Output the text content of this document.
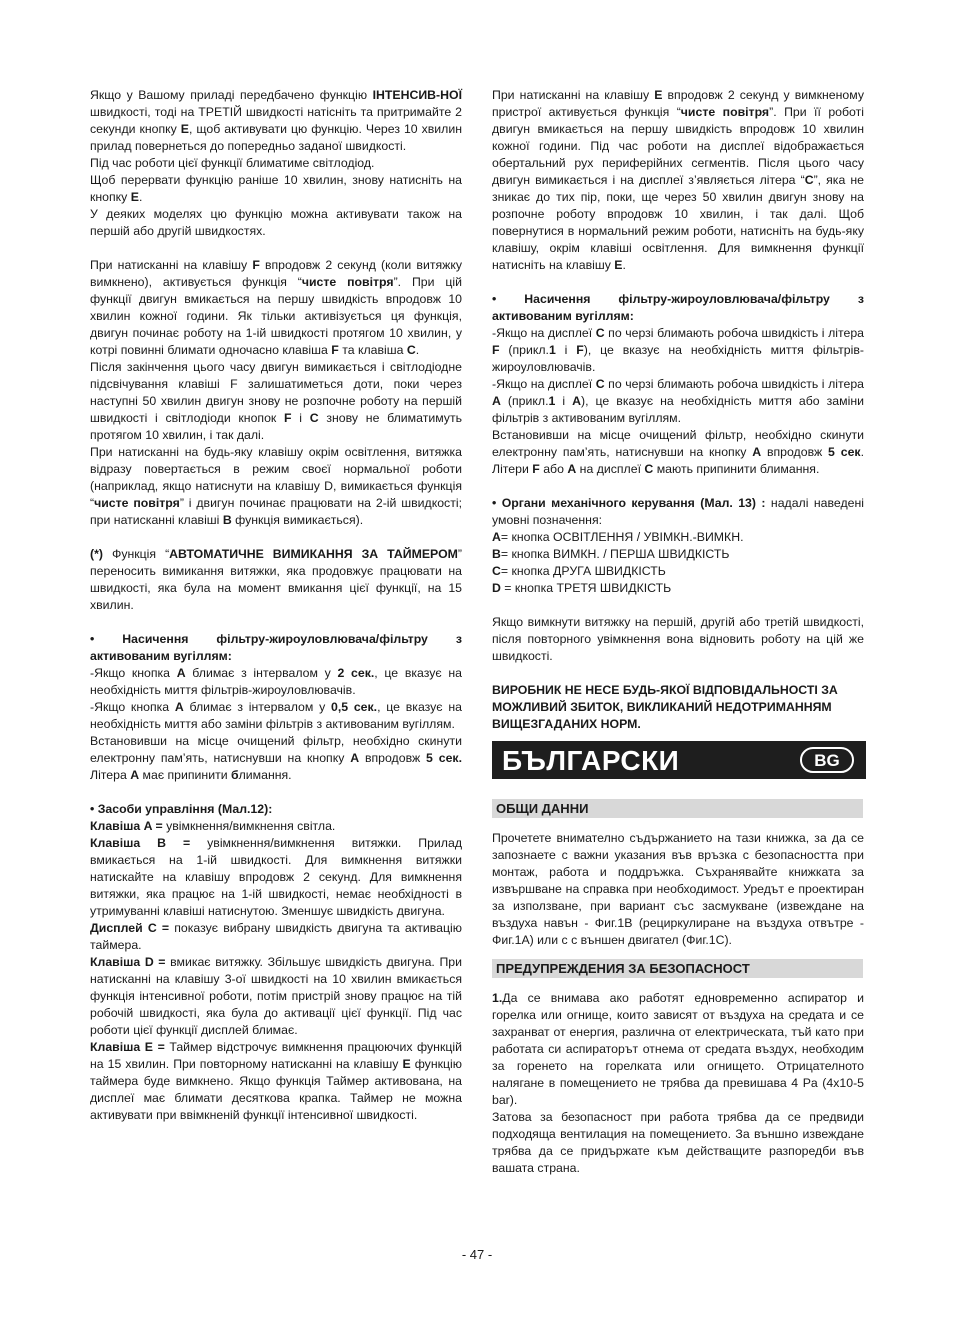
Якщо у Вашому приладі передбачено функцію ІНТЕНСИВ-НОЇ швидкості, тоді на ТРЕТІЙ швидкості натісніть та притримайте 2 секунди кнопку E, щоб активувати цю функцію. Через 10 хвилин прилад повернеться до попередньо заданої швидкості.

Під час роботи цієї функції блиматиме світлодіод.

Щоб перервати функцію раніше 10 хвилин, знову натисніть на кнопку E.

У деяких моделях цю функцію можна активувати також на першій або другій швидкостях.

При натисканні на клавішу F впродовж 2 секунд (коли витяжку вимкнено), активується функція “чисте повітря”. При цій функції двигун вмикається на першу швидкість впродовж 10 хвилин кожної години. Як тільки активізується ця функція, двигун починає роботу на 1-ій швидкості протягом 10 хвилин, у котрі повинні блимати одночасно клавіша F та клавіша C.

Після закінчення цього часу двигун вимикається і світлодіодне підсвічування клавіші F залишатиметься доти, поки через наступні 50 хвилин двигун знову не розпочне роботу на першій швидкості і світлодіоди кнопок F і C знову не блиматимуть протягом 10 хвилин, і так далі.

При натисканні на будь-яку клавішу окрім освітлення, витяжка відразу повертається в режим своєї нормальної роботи (наприклад, якщо натиснути на клавішу D, вимикається функція “чисте повітря” і двигун починає працювати на 2-ій швидкості; при натисканні клавіші B функція вимикається).

(*) Функція “АВТОМАТИЧНЕ ВИМИКАННЯ ЗА ТАЙМЕРОМ” переносить вимикання витяжки, яка продовжує працювати на швидкості, яка була на момент вмикання цієї функції, на 15 хвилин.

• Насичення фільтру-жироуловлювача/фільтру з активованим вугіллям:

-Якщо кнопка A блимає з інтервалом у 2 сек., це вказує на необхідність миття фільтрів-жироуловлювачів.

-Якщо кнопка A блимає з інтервалом у 0,5 сек., це вказує на необхідність миття або заміни фільтрів з активованим вугіллям.

Встановивши на місце очищений фільтр, необхідно скинути електронну пам’ять, натиснувши на кнопку A впродовж 5 сек. Літера A має припинити блимання.

• Засоби управління (Мал.12):

Клавіша A = увімкнення/вимкнення світла.

Клавіша B = увімкнення/вимкнення витяжки. Прилад вмикається на 1-ій швидкості. Для вимкнення витяжки натискайте на клавішу впродовж 2 секунд. Для вимкнення витяжки, яка працює на 1-ій швидкості, немає необхідності в утримуванні клавіші натиснутою. Зменшує швидкість двигуна.

Дисплей C = показує вибрану швидкість двигуна та активацію таймера.

Клавіша D = вмикає витяжку. Збільшує швидкість двигуна. При натисканні на клавішу 3-ої швидкості на 10 хвилин вмикається функція інтенсивної роботи, потім пристрій знову працює на тій робочій швидкості, яка була до активації цієї функції. Під час роботи цієї функції дисплей блимає.

Клавіша E = Таймер відстрочує вимкнення працюючих функцій на 15 хвилин. При повторному натисканні на клавішу E функцію таймера буде вимкнено. Якщо функція Таймер активована, на дисплеї має блимати десяткова крапка. Таймер не можна активувати при ввімкненій функції інтенсивної швидкості.

При натисканні на клавішу E впродовж 2 секунд у вимкненому пристрої активується функція “чисте повітря”. При її роботі двигун вмикається на першу швидкість впродовж 10 хвилин кожної години. Під час роботи на дисплеї відображається обертальний рух периферійних сегментів. Після цього часу двигун вимикається і на дисплеї з’являється літера “C”, яка не зникає до тих пір, поки, ще через 50 хвилин двигун знову на розпочне роботу впродовж 10 хвилин, і так далі. Щоб повернутися в нормальний режим роботи, натисніть на будь-яку клавішу, окрім клавіші освітлення. Для вимкнення функції натисніть на клавішу E.

• Насичення фільтру-жироуловлювача/фільтру з активованим вугіллям:

-Якщо на дисплеї C по черзі блимають робоча швидкість і літера F (прикл.1 і F), це вказує на необхідність миття фільтрів-жироуловлювачів.

-Якщо на дисплеї C по черзі блимають робоча швидкість і літера A (прикл.1 і A), це вказує на необхідність миття або заміни фільтрів з активованим вугіллям.

Встановивши на місце очищений фільтр, необхідно скинути електронну пам’ять, натиснувши на кнопку A впродовж 5 сек. Літери F або A на дисплеї C мають припинити блимання.

• Органи механічного керування (Мал. 13) : надалі наведені умовні позначення:

A= кнопка ОСВІТЛЕННЯ / УВІМКН.-ВИМКН.

B= кнопка ВИМКН. / ПЕРША ШВИДКІСТЬ

C= кнопка ДРУГА ШВИДКІСТЬ

D = кнопка ТРЕТЯ ШВИДКІСТЬ

Якщо вимкнути витяжку на першій, другій або третій швидкості, після повторного увімкнення вона відновить роботу на цій же швидкості.

ВИРОБНИК НЕ НЕСЕ БУДЬ-ЯКОЇ ВІДПОВІДАЛЬНОСТІ ЗА МОЖЛИВИЙ ЗБИТОК, ВИКЛИКАНИЙ НЕДОТРИМАННЯМ ВИЩЕЗГАДАНИХ НОРМ.

БЪЛГАРСКИ	BG
ОБЩИ ДАННИ

Прочетете внимателно съдържанието на тази книжка, за да се запознаете с важни указания във връзка с безопасността при монтаж, работа и поддръжка. Съхранявайте книжката за извършване на справка при необходимост. Уредът е проектиран за използване, при вариант със засмукване (извеждане на въздуха навън - Фиг.1B (рециркулиране на въздуха отвътре - Фиг.1A) или с с външен двигател (Фиг.1C).

ПРЕДУПРЕЖДЕНИЯ ЗА БЕЗОПАСНОСТ

1.Да се внимава ако работят едновременно аспиратор и горелка или огнище, които зависят от въздуха на средата и се захранват от енергия, различна от електрическата, тъй като при работата си аспираторът отнема от средата въздух, необходим за горенето на горелката или огнището. Отрицателното налягане в помещението не трябва да превишава 4 Pa (4x10-5 bar).

Затова за безопасност при работа трябва да се предвиди подходяща вентилация на помещението. За външно извеждане трябва да се придържате към действащите разпоредби във вашата страна.

- 47 -
